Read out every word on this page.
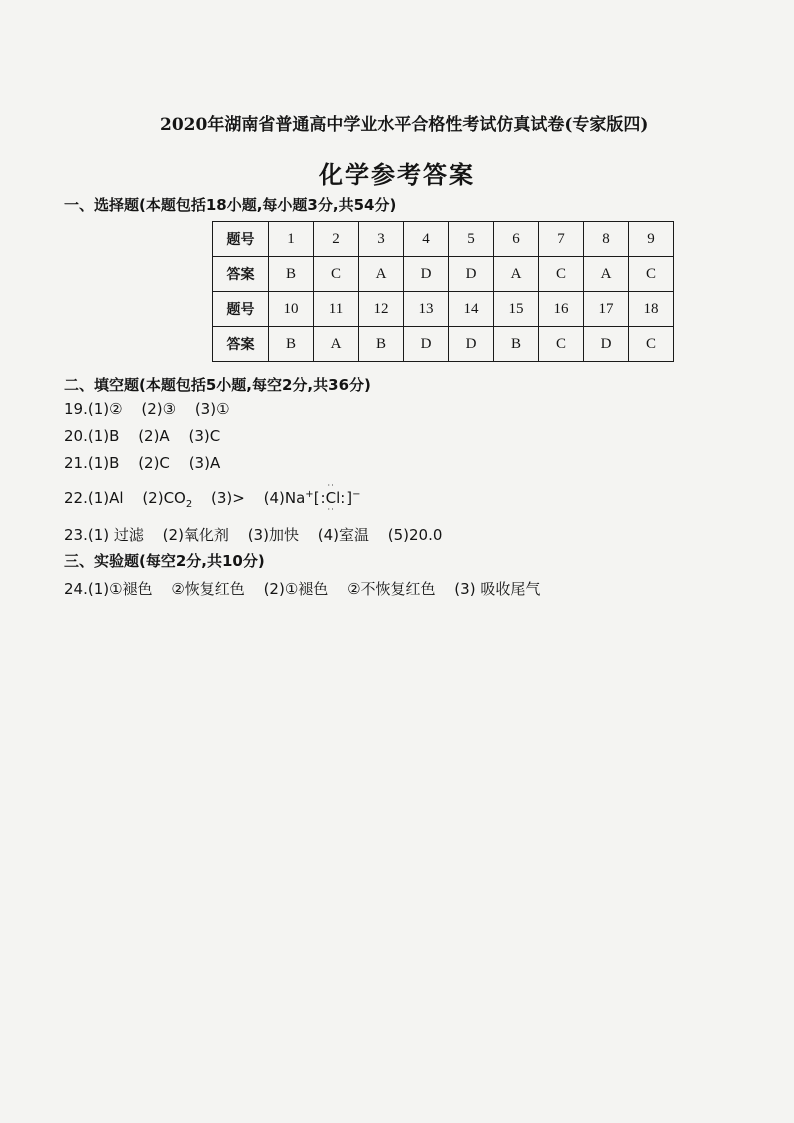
2020年湖南省普通高中学业水平合格性考试仿真试卷(专家版四)
化学参考答案
一、选择题(本题包括18小题,每小题3分,共54分)
题号	1	2	3	4	5	6	7	8	9
答案	B	C	A	D	D	A	C	A	C
题号	10	11	12	13	14	15	16	17	18
答案	B	A	B	D	D	B	C	D	C
二、填空题(本题包括5小题,每空2分,共36分)
19.(1)② (2)③ (3)①
20.(1)B (2)A (3)C
21.(1)B (2)C (3)A
22.(1)Al $(2)CO_2$ (3)> (4)Na+[
··
:Cl:
··
]−
23.(1) 过滤 (2)氧化剂 (3)加快 (4)室温 (5)20.0
三、实验题(每空2分,共10分)
24.(1)①褪色 ②恢复红色 (2)①褪色 ②不恢复红色 (3) 吸收尾气
